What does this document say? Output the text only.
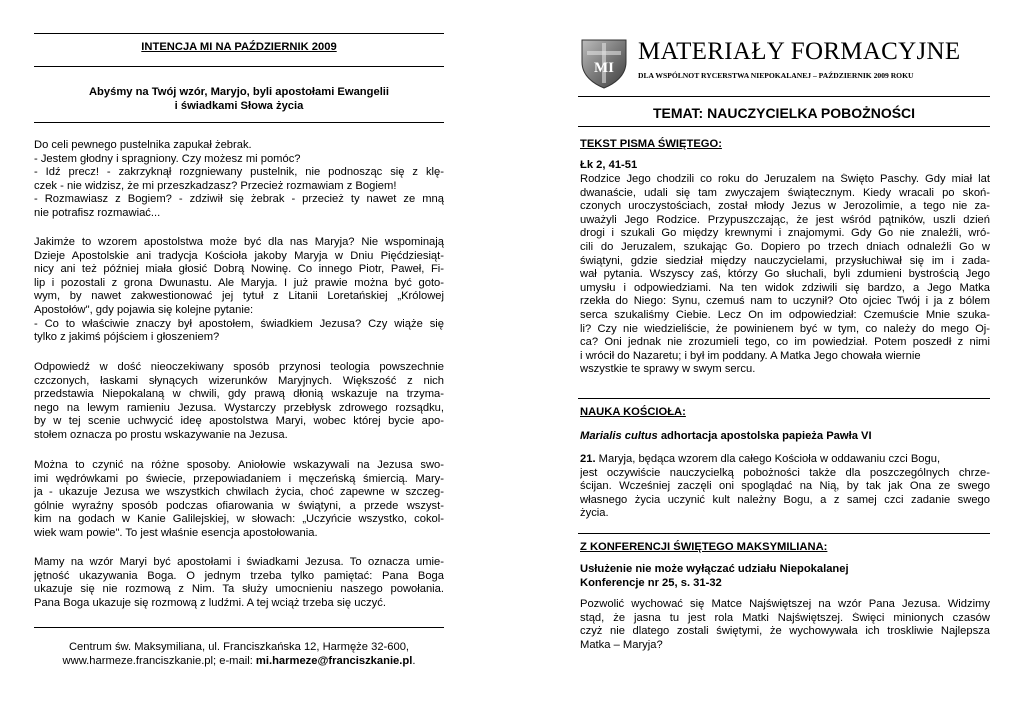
INTENCJA MI NA PAŹDZIERNIK 2009
Abyśmy na Twój wzór, Maryjo, byli apostołami Ewangelii
i świadkami Słowa życia
Do celi pewnego pustelnika zapukał żebrak.
- Jestem głodny i spragniony. Czy możesz mi pomóc?
- Idź precz! - zakrzyknął rozgniewany pustelnik, nie podnosząc się z klę-
czek - nie widzisz, że mi przeszkadzasz? Przecież rozmawiam z Bogiem!
- Rozmawiasz z Bogiem? - zdziwił się żebrak - przecież ty nawet ze mną
nie potrafisz rozmawiać...
Jakimże to wzorem apostolstwa może być dla nas Maryja? Nie wspominają
Dzieje Apostolskie ani tradycja Kościoła jakoby Maryja w Dniu Pięćdziesiąt-
nicy ani też później miała głosić Dobrą Nowinę. Co innego Piotr, Paweł, Fi-
lip i pozostali z grona Dwunastu. Ale Maryja. I już prawie można być goto-
wym, by nawet zakwestionować jej tytuł z Litanii Loretańskiej „Królowej
Apostołów", gdy pojawia się kolejne pytanie:
- Co to właściwie znaczy był apostołem, świadkiem Jezusa? Czy wiąże się
tylko z jakimś pójściem i głoszeniem?
Odpowiedź w dość nieoczekiwany sposób przynosi teologia powszechnie
czczonych, łaskami słynących wizerunków Maryjnych. Większość z nich
przedstawia Niepokalaną w chwili, gdy prawą dłonią wskazuje na trzyma-
nego na lewym ramieniu Jezusa. Wystarczy przebłysk zdrowego rozsądku,
by w tej scenie uchwycić ideę apostolstwa Maryi, wobec której bycie apo-
stołem oznacza po prostu wskazywanie na Jezusa.
Można to czynić na różne sposoby. Aniołowie wskazywali na Jezusa swo-
imi wędrówkami po świecie, przepowiadaniem i męczeńską śmiercią. Mary-
ja - ukazuje Jezusa we wszystkich chwilach życia, choć zapewne w szczeg-
gólnie wyraźny sposób podczas ofiarowania w świątyni, a przede wszyst-
kim na godach w Kanie Galilejskiej, w słowach: „Uczyńcie wszystko, cokol-
wiek wam powie". To jest właśnie esencja apostołowania.
Mamy na wzór Maryi być apostołami i świadkami Jezusa. To oznacza umie-
jętność ukazywania Boga. O jednym trzeba tylko pamiętać: Pana Boga
ukazuje się nie rozmową z Nim. Ta służy umocnieniu naszego powołania.
Pana Boga ukazuje się rozmową z ludźmi. A tej wciąż trzeba się uczyć.
Centrum św. Maksymiliana, ul. Franciszkańska 12, Harmęże 32-600,
www.harmeze.franciszkanie.pl; e-mail: mi.harmeze@franciszkanie.pl.
MI
MATERIAŁY FORMACYJNE
DLA WSPÓLNOT RYCERSTWA NIEPOKALANEJ – PAŹDZIERNIK 2009 ROKU
TEMAT: NAUCZYCIELKA POBOŻNOŚCI
TEKST PISMA ŚWIĘTEGO:
Łk 2, 41-51
Rodzice Jego chodzili co roku do Jeruzalem na Święto Paschy. Gdy miał lat
dwanaście, udali się tam zwyczajem świątecznym. Kiedy wracali po skoń-
czonych uroczystościach, został młody Jezus w Jerozolimie, a tego nie za-
uważyli Jego Rodzice. Przypuszczając, że jest wśród pątników, uszli dzień
drogi i szukali Go między krewnymi i znajomymi. Gdy Go nie znaleźli, wró-
cili do Jeruzalem, szukając Go. Dopiero po trzech dniach odnaleźli Go w
świątyni, gdzie siedział między nauczycielami, przysłuchiwał się im i zada-
wał pytania. Wszyscy zaś, którzy Go słuchali, byli zdumieni bystrością Jego
umysłu i odpowiedziami. Na ten widok zdziwili się bardzo, a Jego Matka
rzekła do Niego: Synu, czemuś nam to uczynił? Oto ojciec Twój i ja z bólem
serca szukaliśmy Ciebie. Lecz On im odpowiedział: Czemuście Mnie szuka-
li? Czy nie wiedzieliście, że powinienem być w tym, co należy do mego Oj-
ca? Oni jednak nie zrozumieli tego, co im powiedział. Potem poszedł z nimi
i wrócił do Nazaretu; i był im poddany. A Matka Jego chowała wiernie
wszystkie te sprawy w swym sercu.
NAUKA KOŚCIOŁA:
Marialis cultus adhortacja apostolska papieża Pawła VI
21. Maryja, będąca wzorem dla całego Kościoła w oddawaniu czci Bogu,
jest oczywiście nauczycielką pobożności także dla poszczególnych chrze-
ścijan. Wcześniej zaczęli oni spoglądać na Nią, by tak jak Ona ze swego
własnego życia uczynić kult należny Bogu, a z samej czci zadanie swego
życia.
Z KONFERENCJI ŚWIĘTEGO MAKSYMILIANA:
Usłużenie nie może wyłączać udziału Niepokalanej
Konferencje nr 25, s. 31-32
Pozwolić wychować się Matce Najświętszej na wzór Pana Jezusa. Widzimy
stąd, że jasna tu jest rola Matki Najświętszej. Święci minionych czasów
czyż nie dlatego zostali świętymi, że wychowywała ich troskliwie Najlepsza
Matka – Maryja?
